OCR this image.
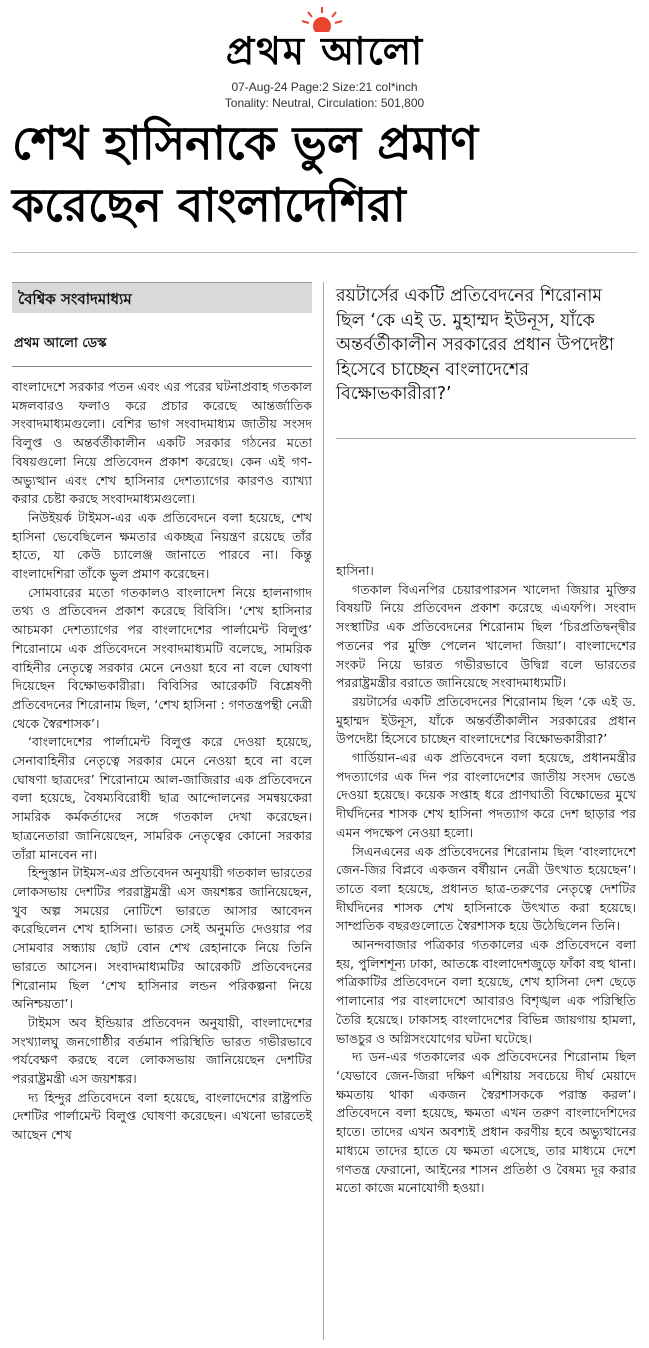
প্রথম আলো
07-Aug-24 Page:2 Size:21 col*inch
Tonality: Neutral, Circulation: 501,800
শেখ হাসিনাকে ভুল প্রমাণ
করেছেন বাংলাদেশিরা
বৈশ্বিক সংবাদমাধ্যম
প্রথম আলো ডেস্ক
রয়টার্সের একটি প্রতিবেদনের শিরোনাম ছিল ‘কে এই ড. মুহাম্মদ ইউনূস, যাঁকে অন্তর্বর্তীকালীন সরকারের প্রধান উপদেষ্টা হিসেবে চাচ্ছেন বাংলাদেশের বিক্ষোভকারীরা?’

বাংলাদেশে সরকার পতন এবং এর পরের ঘটনাপ্রবাহ গতকাল মঙ্গলবারও ফলাও করে প্রচার করেছে আন্তর্জাতিক সংবাদমাধ্যমগুলো। বেশির ভাগ সংবাদমাধ্যম জাতীয় সংসদ বিলুপ্ত ও অন্তর্বর্তীকালীন একটি সরকার গঠনের মতো বিষয়গুলো নিয়ে প্রতিবেদন প্রকাশ করেছে। কেন এই গণ-অভ্যুত্থান এবং শেখ হাসিনার দেশত্যাগের কারণও ব্যাখ্যা করার চেষ্টা করছে সংবাদমাধ্যমগুলো।

নিউইয়র্ক টাইমস-এর এক প্রতিবেদনে বলা হয়েছে, শেখ হাসিনা ভেবেছিলেন ক্ষমতার একচ্ছত্র নিয়ন্ত্রণ রয়েছে তাঁর হাতে, যা কেউ চ্যালেঞ্জ জানাতে পারবে না। কিন্তু বাংলাদেশিরা তাঁকে ভুল প্রমাণ করেছেন।

সোমবারের মতো গতকালও বাংলাদেশ নিয়ে হালনাগাদ তথ্য ও প্রতিবেদন প্রকাশ করেছে বিবিসি। ‘শেখ হাসিনার আচমকা দেশত্যাগের পর বাংলাদেশের পার্লামেন্ট বিলুপ্ত’ শিরোনামে এক প্রতিবেদনে সংবাদমাধ্যমটি বলেছে, সামরিক বাহিনীর নেতৃত্বে সরকার মেনে নেওয়া হবে না বলে ঘোষণা দিয়েছেন বিক্ষোভকারীরা। বিবিসির আরেকটি বিশ্লেষণী প্রতিবেদনের শিরোনাম ছিল, ‘শেখ হাসিনা : গণতন্ত্রপন্থী নেত্রী থেকে স্বৈরশাসক’।

‘বাংলাদেশের পার্লামেন্ট বিলুপ্ত করে দেওয়া হয়েছে, সেনাবাহিনীর নেতৃত্বে সরকার মেনে নেওয়া হবে না বলে ঘোষণা ছাত্রদের’ শিরোনামে আল-জাজিরার এক প্রতিবেদনে বলা হয়েছে, বৈষম্যবিরোধী ছাত্র আন্দোলনের সমন্বয়কেরা সামরিক কর্মকর্তাদের সঙ্গে গতকাল দেখা করেছেন। ছাত্রনেতারা জানিয়েছেন, সামরিক নেতৃত্বের কোনো সরকার তাঁরা মানবেন না।

হিন্দুস্তান টাইমস-এর প্রতিবেদন অনুযায়ী গতকাল ভারতের লোকসভায় দেশটির পররাষ্ট্রমন্ত্রী এস জয়শঙ্কর জানিয়েছেন, খুব অল্প সময়ের নোটিশে ভারতে আসার আবেদন করেছিলেন শেখ হাসিনা। ভারত সেই অনুমতি দেওয়ার পর সোমবার সন্ধ্যায় ছোট বোন শেখ রেহানাকে নিয়ে তিনি ভারতে আসেন। সংবাদমাধ্যমটির আরেকটি প্রতিবেদনের শিরোনাম ছিল ‘শেখ হাসিনার লন্ডন পরিকল্পনা নিয়ে অনিশ্চয়তা’।

টাইমস অব ইন্ডিয়ার প্রতিবেদন অনুযায়ী, বাংলাদেশের সংখ্যালঘু জনগোষ্ঠীর বর্তমান পরিস্থিতি ভারত গভীরভাবে পর্যবেক্ষণ করছে বলে লোকসভায় জানিয়েছেন দেশটির পররাষ্ট্রমন্ত্রী এস জয়শঙ্কর।

দ্য হিন্দুর প্রতিবেদনে বলা হয়েছে, বাংলাদেশের রাষ্ট্রপতি দেশটির পার্লামেন্ট বিলুপ্ত ঘোষণা করেছেন। এখনো ভারতেই আছেন শেখ

হাসিনা।

গতকাল বিএনপির চেয়ারপারসন খালেদা জিয়ার মুক্তির বিষয়টি নিয়ে প্রতিবেদন প্রকাশ করেছে এএফপি। সংবাদ সংস্থাটির এক প্রতিবেদনের শিরোনাম ছিল ‘চিরপ্রতিদ্বন্দ্বীর পতনের পর মুক্তি পেলেন খালেদা জিয়া’। বাংলাদেশের সংকট নিয়ে ভারত গভীরভাবে উদ্বিগ্ন বলে ভারতের পররাষ্ট্রমন্ত্রীর বরাতে জানিয়েছে সংবাদমাধ্যমটি।

রয়টার্সের একটি প্রতিবেদনের শিরোনাম ছিল ‘কে এই ড. মুহাম্মদ ইউনূস, যাঁকে অন্তর্বর্তীকালীন সরকারের প্রধান উপদেষ্টা হিসেবে চাচ্ছেন বাংলাদেশের বিক্ষোভকারীরা?’

গার্ডিয়ান-এর এক প্রতিবেদনে বলা হয়েছে, প্রধানমন্ত্রীর পদত্যাগের এক দিন পর বাংলাদেশের জাতীয় সংসদ ভেঙে দেওয়া হয়েছে। কয়েক সপ্তাহ ধরে প্রাণঘাতী বিক্ষোভের মুখে দীর্ঘদিনের শাসক শেখ হাসিনা পদত্যাগ করে দেশ ছাড়ার পর এমন পদক্ষেপ নেওয়া হলো।

সিএনএনের এক প্রতিবেদনের শিরোনাম ছিল ‘বাংলাদেশে জেন-জির বিপ্লবে একজন বর্ষীয়ান নেত্রী উৎখাত হয়েছেন’। তাতে বলা হয়েছে, প্রধানত ছাত্র-তরুণের নেতৃত্বে দেশটির দীর্ঘদিনের শাসক শেখ হাসিনাকে উৎখাত করা হয়েছে। সাম্প্রতিক বছরগুলোতে স্বৈরশাসক হয়ে উঠেছিলেন তিনি।

আনন্দবাজার পত্রিকার গতকালের এক প্রতিবেদনে বলা হয়, পুলিশশূন্য ঢাকা, আতঙ্কে বাংলাদেশজুড়ে ফাঁকা বহু থানা। পত্রিকাটির প্রতিবেদনে বলা হয়েছে, শেখ হাসিনা দেশ ছেড়ে পালানোর পর বাংলাদেশে আবারও বিশৃঙ্খল এক পরিস্থিতি তৈরি হয়েছে। ঢাকাসহ বাংলাদেশের বিভিন্ন জায়গায় হামলা, ভাঙচুর ও অগ্নিসংযোগের ঘটনা ঘটেছে।

দ্য ডন-এর গতকালের এক প্রতিবেদনের শিরোনাম ছিল ‘যেভাবে জেন-জিরা দক্ষিণ এশিয়ায় সবচেয়ে দীর্ঘ মেয়াদে ক্ষমতায় থাকা একজন স্বৈরশাসককে পরাস্ত করল’। প্রতিবেদনে বলা হয়েছে, ক্ষমতা এখন তরুণ বাংলাদেশিদের হাতে। তাদের এখন অবশ্যই প্রধান করণীয় হবে অভ্যুত্থানের মাধ্যমে তাদের হাতে যে ক্ষমতা এসেছে, তার মাধ্যমে দেশে গণতন্ত্র ফেরানো, আইনের শাসন প্রতিষ্ঠা ও বৈষম্য দূর করার মতো কাজে মনোযোগী হওয়া।
